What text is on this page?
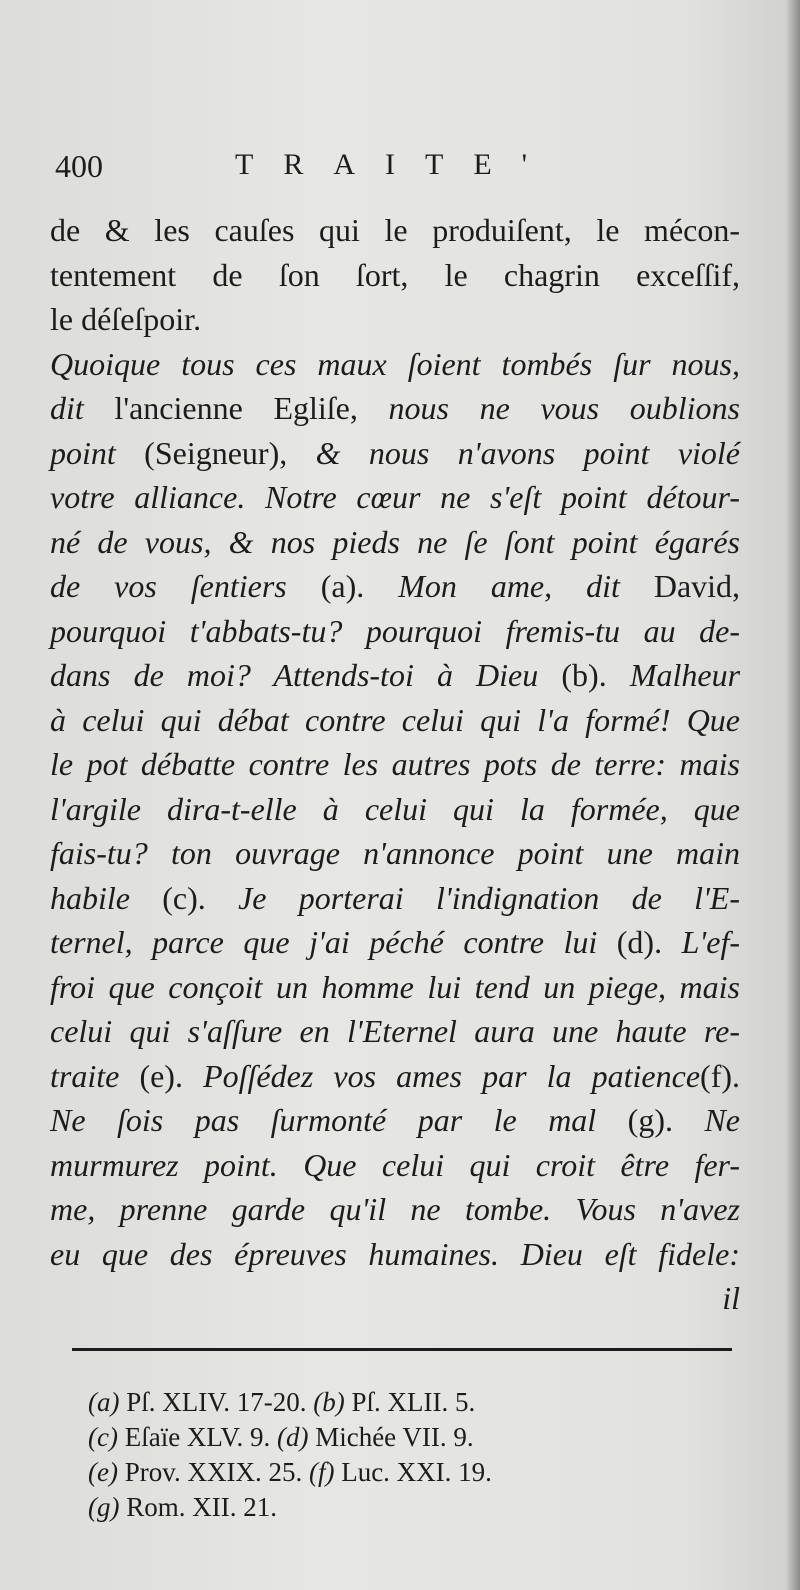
400	TRAITE'
de & les cauſes qui le produiſent, le mécon-
tentement de ſon ſort, le chagrin exceſſif,
le déſeſpoir.
Quoique tous ces maux ſoient tombés ſur nous,
dit l'ancienne Egliſe, nous ne vous oublions
point (Seigneur), & nous n'avons point violé
votre alliance. Notre cœur ne s'eſt point détour-
né de vous, & nos pieds ne ſe ſont point égarés
de vos ſentiers (a). Mon ame, dit David,
pourquoi t'abbats-tu? pourquoi fremis-tu au de-
dans de moi? Attends-toi à Dieu (b). Malheur
à celui qui débat contre celui qui l'a formé! Que
le pot débatte contre les autres pots de terre: mais
l'argile dira-t-elle à celui qui la formée, que
fais-tu? ton ouvrage n'annonce point une main
habile (c). Je porterai l'indignation de l'E-
ternel, parce que j'ai péché contre lui (d). L'ef-
froi que conçoit un homme lui tend un piege, mais
celui qui s'aſſure en l'Eternel aura une haute re-
traite (e). Poſſédez vos ames par la patience(f).
Ne ſois pas ſurmonté par le mal (g). Ne
murmurez point. Que celui qui croit être fer-
me, prenne garde qu'il ne tombe. Vous n'avez
eu que des épreuves humaines. Dieu eſt fidele:
il
(a) Pſ. XLIV. 17-20. (b) Pſ. XLII. 5.
(c) Eſaïe XLV. 9. (d) Michée VII. 9.
(e) Prov. XXIX. 25. (f) Luc. XXI. 19.
(g) Rom. XII. 21.
